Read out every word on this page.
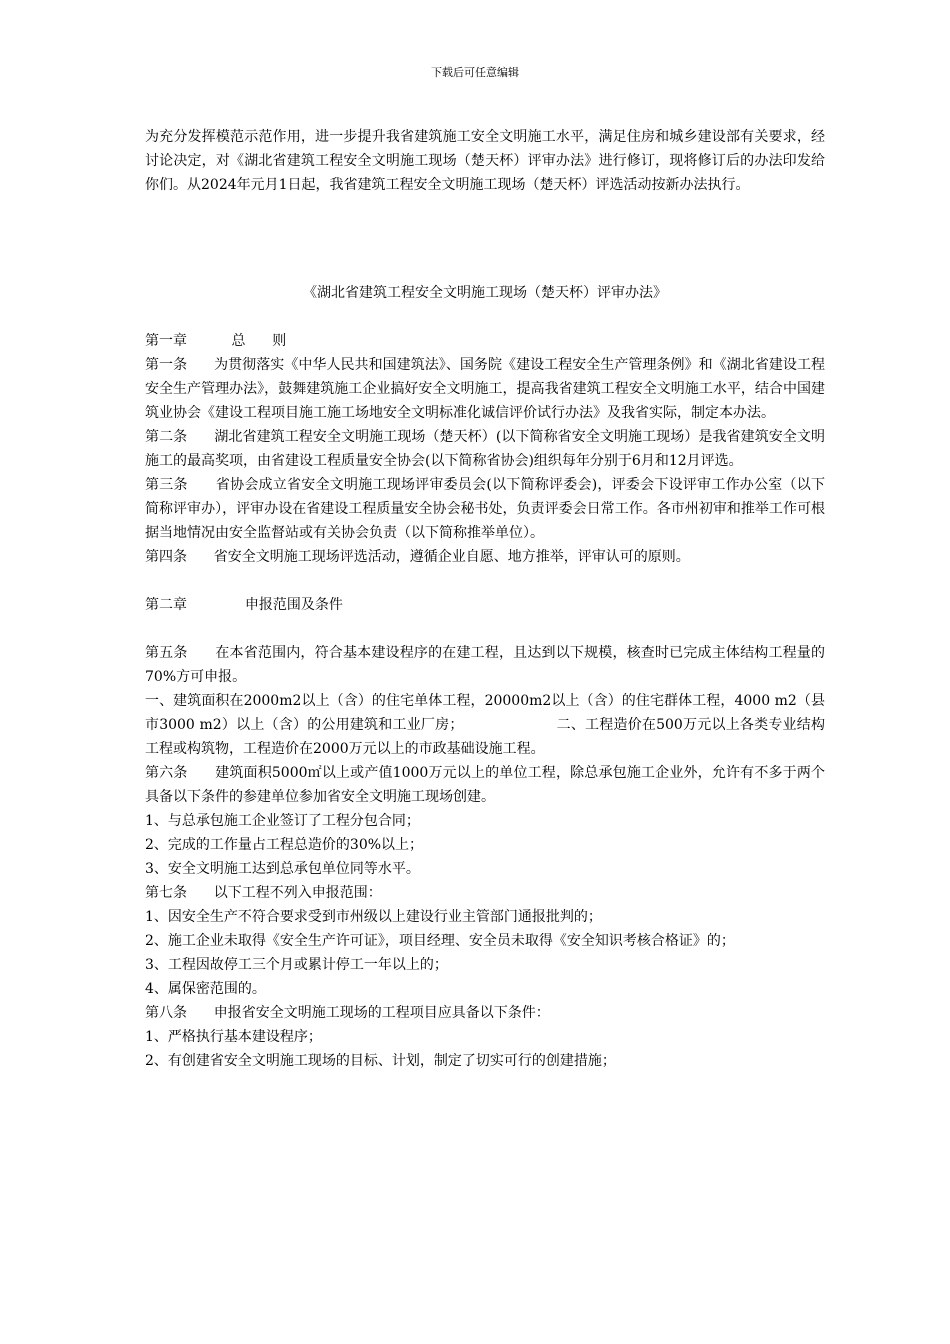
下载后可任意编辑

为充分发挥模范示范作用，进一步提升我省建筑施工安全文明施工水平，满足住房和城乡建设部有关要求，经讨论决定，对《湖北省建筑工程安全文明施工现场（楚天杯）评审办法》进行修订，现将修订后的办法印发给你们。从2024年元月1日起，我省建筑工程安全文明施工现场（楚天杯）评选活动按新办法执行。

《湖北省建筑工程安全文明施工现场（楚天杯）评审办法》

第一章          总      则

第一条      为贯彻落实《中华人民共和国建筑法》、国务院《建设工程安全生产管理条例》和《湖北省建设工程安全生产管理办法》，鼓舞建筑施工企业搞好安全文明施工，提高我省建筑工程安全文明施工水平，结合中国建筑业协会《建设工程项目施工施工场地安全文明标准化诚信评价试行办法》及我省实际，制定本办法。

第二条      湖北省建筑工程安全文明施工现场（楚天杯）(以下简称省安全文明施工现场）是我省建筑安全文明施工的最高奖项，由省建设工程质量安全协会(以下简称省协会)组织每年分别于6月和12月评选。

第三条      省协会成立省安全文明施工现场评审委员会(以下简称评委会)，评委会下设评审工作办公室（以下简称评审办），评审办设在省建设工程质量安全协会秘书处，负责评委会日常工作。各市州初审和推举工作可根据当地情况由安全监督站或有关协会负责（以下简称推举单位）。

第四条      省安全文明施工现场评选活动，遵循企业自愿、地方推举，评审认可的原则。

第二章             申报范围及条件

第五条      在本省范围内，符合基本建设程序的在建工程，且达到以下规模，核查时已完成主体结构工程量的70%方可申报。

一、建筑面积在2000m2以上（含）的住宅单体工程，20000m2以上（含）的住宅群体工程，4000 m2（县市3000 m2）以上（含）的公用建筑和工业厂房；                    二、工程造价在500万元以上各类专业结构工程或构筑物，工程造价在2000万元以上的市政基础设施工程。

第六条      建筑面积5000㎡以上或产值1000万元以上的单位工程，除总承包施工企业外，允许有不多于两个具备以下条件的参建单位参加省安全文明施工现场创建。

1、与总承包施工企业签订了工程分包合同；

2、完成的工作量占工程总造价的30%以上；

3、安全文明施工达到总承包单位同等水平。

第七条      以下工程不列入申报范围：

1、因安全生产不符合要求受到市州级以上建设行业主管部门通报批判的；

2、施工企业未取得《安全生产许可证》，项目经理、安全员未取得《安全知识考核合格证》的；

3、工程因故停工三个月或累计停工一年以上的；

4、属保密范围的。

第八条      申报省安全文明施工现场的工程项目应具备以下条件：

1、严格执行基本建设程序；

2、有创建省安全文明施工现场的目标、计划，制定了切实可行的创建措施；
